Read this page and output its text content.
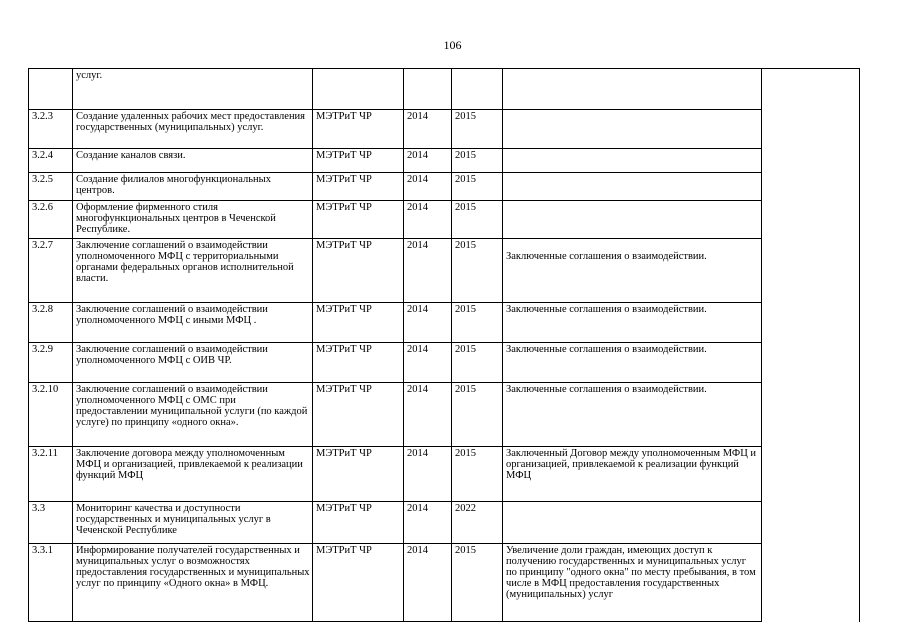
106

	услуг.					

3.2.3	Создание удаленных рабочих мест предоставления государственных (муниципальных) услуг.	МЭТРиТ ЧР	2014	2015		

3.2.4	Создание каналов связи.	МЭТРиТ ЧР	2014	2015		

3.2.5	Создание филиалов многофункциональных центров.	МЭТРиТ ЧР	2014	2015		

3.2.6	Оформление фирменного стиля многофункциональных центров в Чеченской Республике.	МЭТРиТ ЧР	2014	2015		

3.2.7	Заключение соглашений о взаимодействии уполномоченного МФЦ с территориальными органами федеральных органов исполнительной власти.	МЭТРиТ ЧР	2014	2015	Заключенные соглашения о взаимодействии.	

3.2.8	Заключение соглашений о взаимодействии уполномоченного МФЦ с иными МФЦ .	МЭТРиТ ЧР	2014	2015	Заключенные соглашения о взаимодействии.	

3.2.9	Заключение соглашений о взаимодействии уполномоченного МФЦ с ОИВ ЧР.	МЭТРиТ ЧР	2014	2015	Заключенные соглашения о взаимодействии.	

3.2.10	Заключение соглашений о взаимодействии уполномоченного МФЦ с ОМС при предоставлении муниципальной услуги (по каждой услуге) по принципу «одного окна».	МЭТРиТ ЧР	2014	2015	Заключенные соглашения о взаимодействии.	

3.2.11	Заключение договора между уполномоченным МФЦ и организацией, привлекаемой к реализации функций МФЦ	МЭТРиТ ЧР	2014	2015	Заключенный Договор между уполномоченным МФЦ и организацией, привлекаемой к реализации функций МФЦ	

3.3	Мониторинг качества и доступности государственных и муниципальных услуг в Чеченской Республике	МЭТРиТ ЧР	2014	2022		

3.3.1	Информирование получателей государственных и муниципальных услуг о возможностях предоставления государственных и муниципальных услуг по принципу «Одного окна» в МФЦ.	МЭТРиТ ЧР	2014	2015	Увеличение доли граждан, имеющих доступ к получению государственных и муниципальных услуг по принципу "одного окна" по месту пребывания, в том числе в МФЦ предоставления государственных (муниципальных) услуг	
